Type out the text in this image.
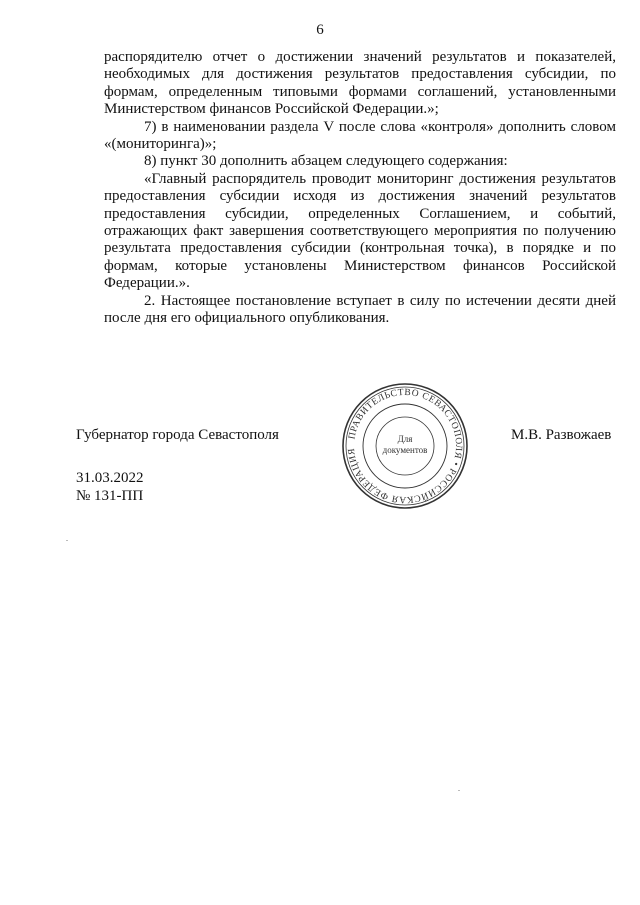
6

распорядителю отчет о достижении значений результатов и показателей, необходимых для достижения результатов предоставления субсидии, по формам, определенным типовыми формами соглашений, установленными Министерством финансов Российской Федерации.»;

7) в наименовании раздела V после слова «контроля» дополнить словом «(мониторинга)»;

8) пункт 30 дополнить абзацем следующего содержания:

«Главный распорядитель проводит мониторинг достижения результатов предоставления субсидии исходя из достижения значений результатов предоставления субсидии, определенных Соглашением, и событий, отражающих факт завершения соответствующего мероприятия по получению результата предоставления субсидии (контрольная точка), в порядке и по формам, которые установлены Министерством финансов Российской Федерации.».

2. Настоящее постановление вступает в силу по истечении десяти дней после дня его официального опубликования.

Губернатор города Севастополя	М.В. Развожаев
ПРАВИТЕЛЬСТВО СЕВАСТОПОЛЯ • РОССИЙСКАЯ ФЕДЕРАЦИЯ
Для
документов
31.03.2022
№ 131-ПП
